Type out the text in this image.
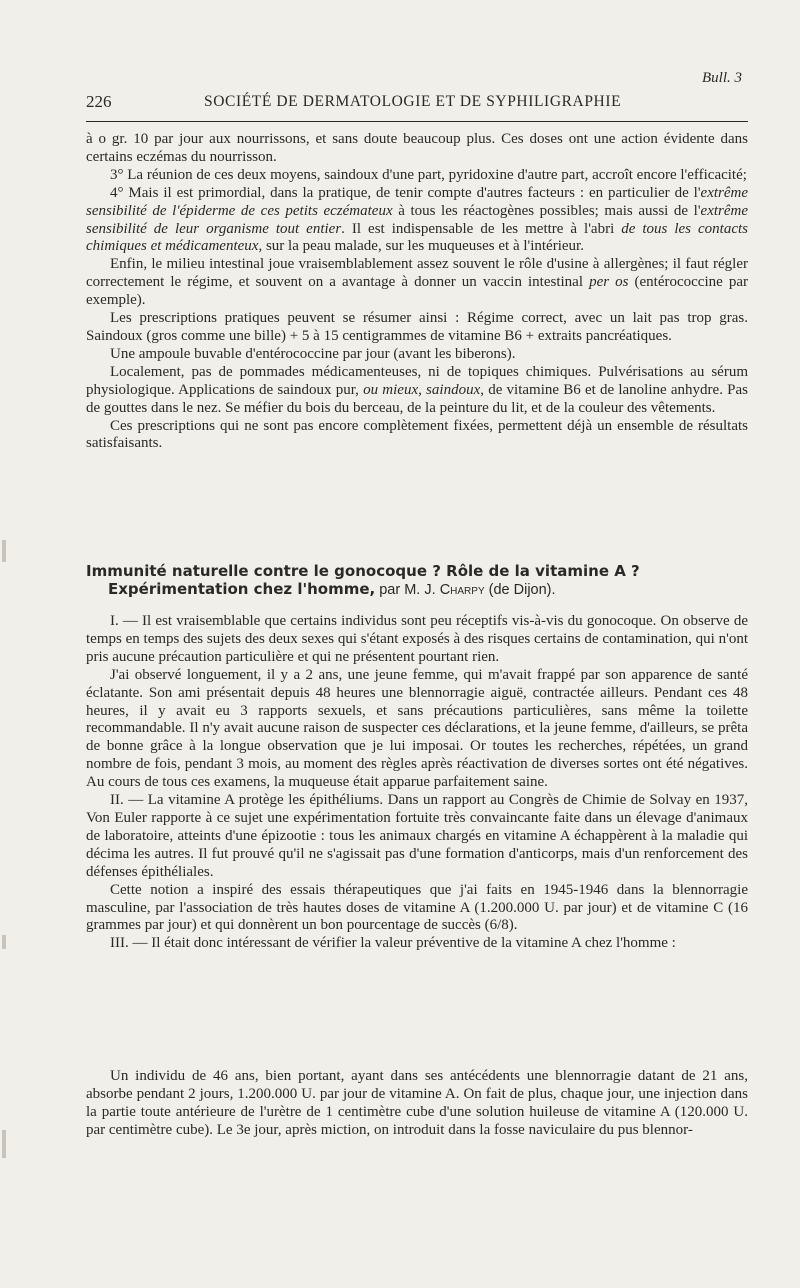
Bull. 3
226	SOCIÉTÉ DE DERMATOLOGIE ET DE SYPHILIGRAPHIE

à o gr. 10 par jour aux nourrissons, et sans doute beaucoup plus. Ces doses ont une action évidente dans certains eczémas du nourrisson.

3° La réunion de ces deux moyens, saindoux d'une part, pyridoxine d'autre part, accroît encore l'efficacité;

4° Mais il est primordial, dans la pratique, de tenir compte d'autres facteurs : en particulier de l'extrême sensibilité de l'épiderme de ces petits eczémateux à tous les réactogènes possibles; mais aussi de l'extrême sensibilité de leur organisme tout entier. Il est indispensable de les mettre à l'abri de tous les contacts chimiques et médicamenteux, sur la peau malade, sur les muqueuses et à l'intérieur.

Enfin, le milieu intestinal joue vraisemblablement assez souvent le rôle d'usine à allergènes; il faut régler correctement le régime, et souvent on a avantage à donner un vaccin intestinal per os (entérococcine par exemple).

Les prescriptions pratiques peuvent se résumer ainsi : Régime correct, avec un lait pas trop gras. Saindoux (gros comme une bille) + 5 à 15 centigrammes de vitamine B6 + extraits pancréatiques.

Une ampoule buvable d'entérococcine par jour (avant les biberons).

Localement, pas de pommades médicamenteuses, ni de topiques chimiques. Pulvérisations au sérum physiologique. Applications de saindoux pur, ou mieux, saindoux, de vitamine B6 et de lanoline anhydre. Pas de gouttes dans le nez. Se méfier du bois du berceau, de la peinture du lit, et de la couleur des vêtements.

Ces prescriptions qui ne sont pas encore complètement fixées, permettent déjà un ensemble de résultats satisfaisants.

Immunité naturelle contre le gonocoque ? Rôle de la vitamine A ?

Expérimentation chez l'homme, par M. J. Charpy (de Dijon).

I. — Il est vraisemblable que certains individus sont peu réceptifs vis-à-vis du gonocoque. On observe de temps en temps des sujets des deux sexes qui s'étant exposés à des risques certains de contamination, qui n'ont pris aucune précaution particulière et qui ne présentent pourtant rien.

J'ai observé longuement, il y a 2 ans, une jeune femme, qui m'avait frappé par son apparence de santé éclatante. Son ami présentait depuis 48 heures une blennorragie aiguë, contractée ailleurs. Pendant ces 48 heures, il y avait eu 3 rapports sexuels, et sans précautions particulières, sans même la toilette recommandable. Il n'y avait aucune raison de suspecter ces déclarations, et la jeune femme, d'ailleurs, se prêta de bonne grâce à la longue observation que je lui imposai. Or toutes les recherches, répétées, un grand nombre de fois, pendant 3 mois, au moment des règles après réactivation de diverses sortes ont été négatives. Au cours de tous ces examens, la muqueuse était apparue parfaitement saine.

II. — La vitamine A protège les épithéliums. Dans un rapport au Congrès de Chimie de Solvay en 1937, Von Euler rapporte à ce sujet une expérimentation fortuite très convaincante faite dans un élevage d'animaux de laboratoire, atteints d'une épizootie : tous les animaux chargés en vitamine A échappèrent à la maladie qui décima les autres. Il fut prouvé qu'il ne s'agissait pas d'une formation d'anticorps, mais d'un renforcement des défenses épithéliales.

Cette notion a inspiré des essais thérapeutiques que j'ai faits en 1945-1946 dans la blennorragie masculine, par l'association de très hautes doses de vitamine A (1.200.000 U. par jour) et de vitamine C (16 grammes par jour) et qui donnèrent un bon pourcentage de succès (6/8).

III. — Il était donc intéressant de vérifier la valeur préventive de la vitamine A chez l'homme :

Un individu de 46 ans, bien portant, ayant dans ses antécédents une blennorragie datant de 21 ans, absorbe pendant 2 jours, 1.200.000 U. par jour de vitamine A. On fait de plus, chaque jour, une injection dans la partie toute antérieure de l'urètre de 1 centimètre cube d'une solution huileuse de vitamine A (120.000 U. par centimètre cube). Le 3e jour, après miction, on introduit dans la fosse naviculaire du pus blennor-
